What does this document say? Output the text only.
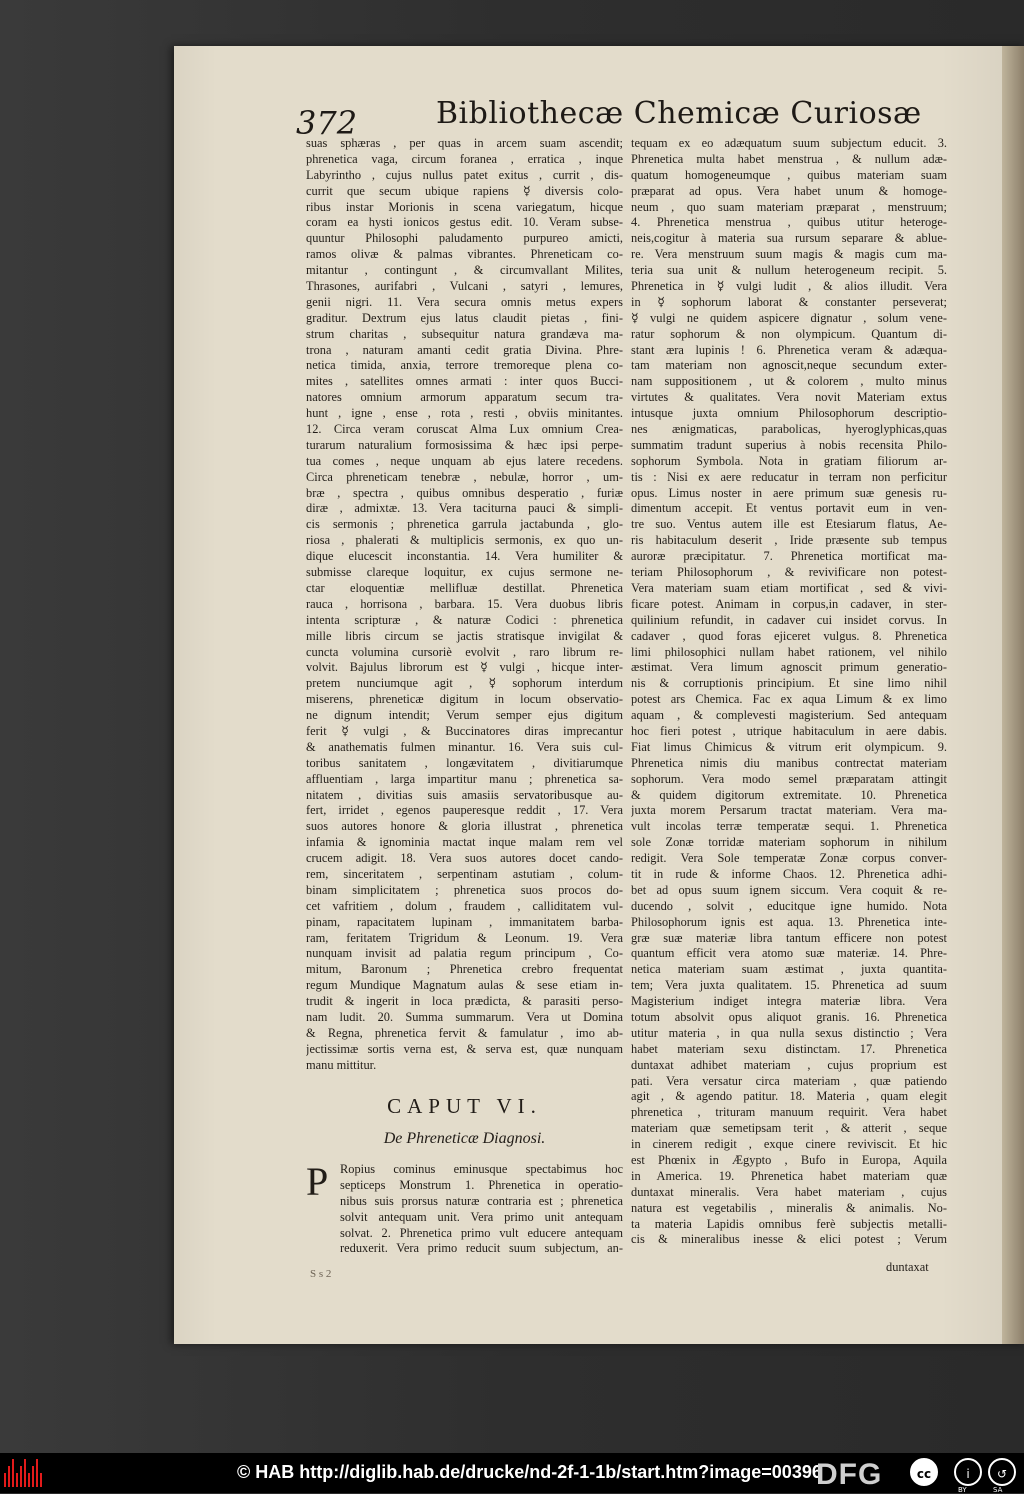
372	Bibliothecæ Chemicæ Curiosæ
suas sphæras , per quas in arcem suam ascendit;
phrenetica vaga, circum foranea , erratica , inque
Labyrintho , cujus nullus patet exitus , currit , dis-
currit que secum ubique rapiens ☿ diversis colo-
ribus instar Morionis in scena variegatum, hicque
coram ea hysti ionicos gestus edit. 10. Veram subse-
quuntur Philosophi paludamento purpureo amicti,
ramos olivæ & palmas vibrantes. Phreneticam co-
mitantur , contingunt , & circumvallant Milites,
Thrasones, aurifabri , Vulcani , satyri , lemures,
genii nigri. 11. Vera secura omnis metus expers
graditur. Dextrum ejus latus claudit pietas , fini-
strum charitas , subsequitur natura grandæva ma-
trona , naturam amanti cedit gratia Divina. Phre-
netica timida, anxia, terrore tremoreque plena co-
mites , satellites omnes armati : inter quos Bucci-
natores omnium armorum apparatum secum tra-
hunt , igne , ense , rota , resti , obviis minitantes.
12. Circa veram coruscat Alma Lux omnium Crea-
turarum naturalium formosissima & hæc ipsi perpe-
tua comes , neque unquam ab ejus latere recedens.
Circa phreneticam tenebræ , nebulæ, horror , um-
bræ , spectra , quibus omnibus desperatio , furiæ
diræ , admixtæ. 13. Vera taciturna pauci & simpli-
cis sermonis ; phrenetica garrula jactabunda , glo-
riosa , phalerati & multiplicis sermonis, ex quo un-
dique elucescit inconstantia. 14. Vera humiliter &
submisse clareque loquitur, ex cujus sermone ne-
ctar eloquentiæ mellifluæ destillat. Phrenetica
rauca , horrisona , barbara. 15. Vera duobus libris
intenta scripturæ , & naturæ Codici : phrenetica
mille libris circum se jactis stratisque invigilat &
cuncta volumina cursoriè evolvit , raro librum re-
volvit. Bajulus librorum est ☿ vulgi , hicque inter-
pretem nunciumque agit , ☿ sophorum interdum
miserens, phreneticæ digitum in locum observatio-
ne dignum intendit; Verum semper ejus digitum
ferit ☿ vulgi , & Buccinatores diras imprecantur
& anathematis fulmen minantur. 16. Vera suis cul-
toribus sanitatem , longævitatem , divitiarumque
affluentiam , larga impartitur manu ; phrenetica sa-
nitatem , divitias suis amasiis servatoribusque au-
fert, irridet , egenos pauperesque reddit , 17. Vera
suos autores honore & gloria illustrat , phrenetica
infamia & ignominia mactat inque malam rem vel
crucem adigit. 18. Vera suos autores docet cando-
rem, sinceritatem , serpentinam astutiam , colum-
binam simplicitatem ; phrenetica suos procos do-
cet vafritiem , dolum , fraudem , calliditatem vul-
pinam, rapacitatem lupinam , immanitatem barba-
ram, feritatem Trigridum & Leonum. 19. Vera
nunquam invisit ad palatia regum principum , Co-
mitum, Baronum ; Phrenetica crebro frequentat
regum Mundique Magnatum aulas & sese etiam in-
trudit & ingerit in loca prædicta, & parasiti perso-
nam ludit. 20. Summa summarum. Vera ut Domina
& Regna, phrenetica fervit & famulatur , imo ab-
jectissimæ sortis verna est, & serva est, quæ nunquam
manu mittitur.
CAPUT VI.
De Phreneticæ Diagnosi.
P Ropius cominus eminusque spectabimus hoc
septiceps Monstrum 1. Phrenetica in operatio-
nibus suis prorsus naturæ contraria est ; phrenetica
solvit antequam unit. Vera primo unit antequam
solvat. 2. Phrenetica primo vult educere antequam
reduxerit. Vera primo reducit suum subjectum, an-
S s 2
tequam ex eo adæquatum suum subjectum educit. 3.
Phrenetica multa habet menstrua , & nullum adæ-
quatum homogeneumque , quibus materiam suam
præparat ad opus. Vera habet unum & homoge-
neum , quo suam materiam præparat , menstruum;
4. Phrenetica menstrua , quibus utitur heteroge-
neis,cogitur à materia sua rursum separare & ablue-
re. Vera menstruum suum magis & magis cum ma-
teria sua unit & nullum heterogeneum recipit. 5.
Phrenetica in ☿ vulgi ludit , & alios illudit. Vera
in ☿ sophorum laborat & constanter perseverat;
☿ vulgi ne quidem aspicere dignatur , solum vene-
ratur sophorum & non olympicum. Quantum di-
stant æra lupinis ! 6. Phrenetica veram & adæqua-
tam materiam non agnoscit,neque secundum exter-
nam suppositionem , ut & colorem , multo minus
virtutes & qualitates. Vera novit Materiam extus
intusque juxta omnium Philosophorum descriptio-
nes ænigmaticas, parabolicas, hyeroglyphicas,quas
summatim tradunt superius à nobis recensita Philo-
sophorum Symbola. Nota in gratiam filiorum ar-
tis : Nisi ex aere reducatur in terram non perficitur
opus. Limus noster in aere primum suæ genesis ru-
dimentum accepit. Et ventus portavit eum in ven-
tre suo. Ventus autem ille est Etesiarum flatus, Ae-
ris habitaculum deserit , Iride præsente sub tempus
auroræ præcipitatur. 7. Phrenetica mortificat ma-
teriam Philosophorum , & revivificare non potest-
Vera materiam suam etiam mortificat , sed & vivi-
ficare potest. Animam in corpus,in cadaver, in ster-
quilinium refundit, in cadaver cui insidet corvus. In
cadaver , quod foras ejiceret vulgus. 8. Phrenetica
limi philosophici nullam habet rationem, vel nihilo
æstimat. Vera limum agnoscit primum generatio-
nis & corruptionis principium. Et sine limo nihil
potest ars Chemica. Fac ex aqua Limum & ex limo
aquam , & complevesti magisterium. Sed antequam
hoc fieri potest , utrique habitaculum in aere dabis.
Fiat limus Chimicus & vitrum erit olympicum. 9.
Phrenetica nimis diu manibus contrectat materiam
sophorum. Vera modo semel præparatam attingit
& quidem digitorum extremitate. 10. Phrenetica
juxta morem Persarum tractat materiam. Vera ma-
vult incolas terræ temperatæ sequi. 1. Phrenetica
sole Zonæ torridæ materiam sophorum in nihilum
redigit. Vera Sole temperatæ Zonæ corpus conver-
tit in rude & informe Chaos. 12. Phrenetica adhi-
bet ad opus suum ignem siccum. Vera coquit & re-
ducendo , solvit , educitque igne humido. Nota
Philosophorum ignis est aqua. 13. Phrenetica inte-
græ suæ materiæ libra tantum efficere non potest
quantum efficit vera atomo suæ materiæ. 14. Phre-
netica materiam suam æstimat , juxta quantita-
tem; Vera juxta qualitatem. 15. Phrenetica ad suum
Magisterium indiget integra materiæ libra. Vera
totum absolvit opus aliquot granis. 16. Phrenetica
utitur materia , in qua nulla sexus distinctio ; Vera
habet materiam sexu distinctam. 17. Phrenetica
duntaxat adhibet materiam , cujus proprium est
pati. Vera versatur circa materiam , quæ patiendo
agit , & agendo patitur. 18. Materia , quam elegit
phrenetica , trituram manuum requirit. Vera habet
materiam quæ semetipsam terit , & atterit , seque
in cinerem redigit , exque cinere reviviscit. Et hic
est Phœnix in Ægypto , Bufo in Europa, Aquila
in America. 19. Phrenetica habet materiam quæ
duntaxat mineralis. Vera habet materiam , cujus
natura est vegetabilis , mineralis & animalis. No-
ta materia Lapidis omnibus ferè subjectis metalli-
cis & mineralibus inesse & elici potest ; Verum
duntaxat
© HAB http://diglib.hab.de/drucke/nd-2f-1-1b/start.htm?image=00396
DFG	cc	i	↺
BY	SA
